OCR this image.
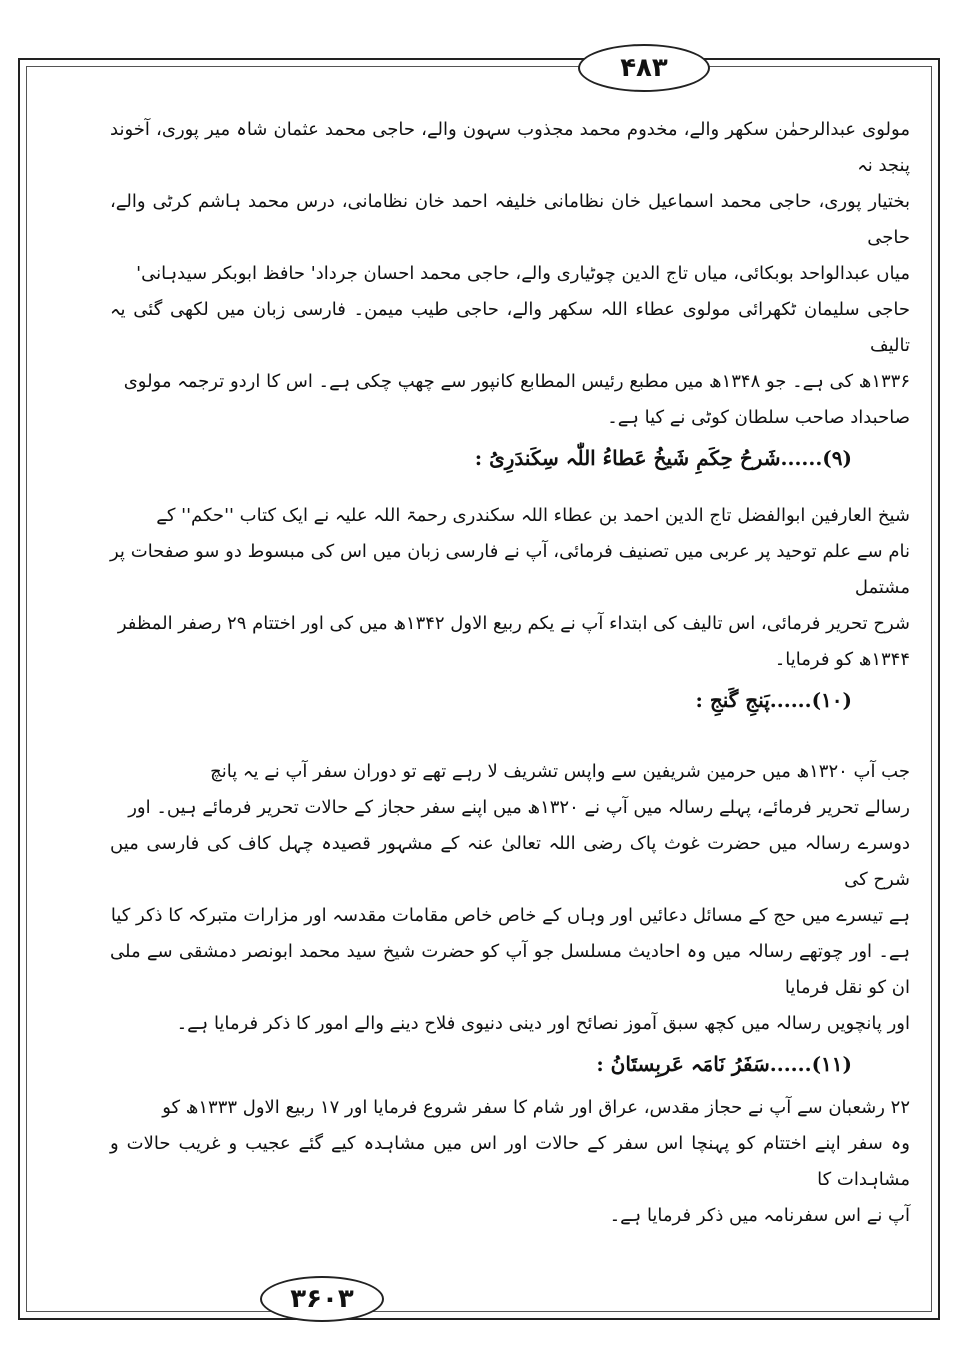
۴۸۳

مولوی عبدالرحمٰن سکھر والے، مخدوم محمد مجذوب سہون والے، حاجی محمد عثمان شاہ میر پوری، آخوند پنجد نہ

بختیار پوری، حاجی محمد اسماعیل خان نظامانی خلیفہ احمد خان نظامانی، درس محمد ہاشم کرٹی والے، حاجی

میاں عبدالواحد بوبکائی، میاں تاج الدین چوٹیاری والے، حاجی محمد احسان جرداد' حافظ ابوبکر سیدہانی'

حاجی سلیمان ٹکھرائی مولوی عطاء اللہ سکھر والے، حاجی طیب میمن۔ فارسی زبان میں لکھی گئی یہ تالیف

۱۳۳۶ھ کی ہے۔ جو ۱۳۴۸ھ میں مطبع رئیس المطابع کانپور سے چھپ چکی ہے۔ اس کا اردو ترجمہ مولوی

صاحبداد صاحب سلطان کوٹی نے کیا ہے۔

(۹)......شَرحُ حِکَمِ شَیخُ عَطاءُ اللّٰہ سِکَندَرِیُ :

شیخ العارفین ابوالفضل تاج الدین احمد بن عطاء اللہ سکندری رحمۃ اللہ علیہ نے ایک کتاب ''حکم'' کے

نام سے علم توحید پر عربی میں تصنیف فرمائی، آپ نے فارسی زبان میں اس کی مبسوط دو سو صفحات پر مشتمل

شرح تحریر فرمائی، اس تالیف کی ابتداء آپ نے یکم ربیع الاول ۱۳۴۲ھ میں کی اور اختتام ۲۹ رصفر المظفر

۱۳۴۴ھ کو فرمایا۔

(۱۰)......پَنجِ گَنجِ :

جب آپ ۱۳۲۰ھ میں حرمین شریفین سے واپس تشریف لا رہے تھے تو دوران سفر آپ نے یہ پانچ

رسالے تحریر فرمائے، پہلے رسالہ میں آپ نے ۱۳۲۰ھ میں اپنے سفر حجاز کے حالات تحریر فرمائے ہیں۔ اور

دوسرے رسالہ میں حضرت غوث پاک رضی اللہ تعالیٰ عنہ کے مشہور قصیدہ چہل کاف کی فارسی میں شرح کی

ہے تیسرے میں حج کے مسائل دعائیں اور وہاں کے خاص خاص مقامات مقدسہ اور مزارات متبرکہ کا ذکر کیا

ہے۔ اور چوتھے رسالہ میں وہ احادیث مسلسل جو آپ کو حضرت شیخ سید محمد ابونصر دمشقی سے ملی ان کو نقل فرمایا

اور پانچویں رسالہ میں کچھ سبق آموز نصائح اور دینی دنیوی فلاح دینے والے امور کا ذکر فرمایا ہے۔

(۱۱)......سَفَرُ نَامَہ عَربِستَانُ :

۲۲ رشعبان سے آپ نے حجاز مقدس، عراق اور شام کا سفر شروع فرمایا اور ۱۷ ربیع الاول ۱۳۳۳ھ کو

وہ سفر اپنے اختتام کو پہنچا اس سفر کے حالات اور اس میں مشاہدہ کیے گئے عجیب و غریب حالات و مشاہدات کا

آپ نے اس سفرنامہ میں ذکر فرمایا ہے۔

۳۶۰۳
